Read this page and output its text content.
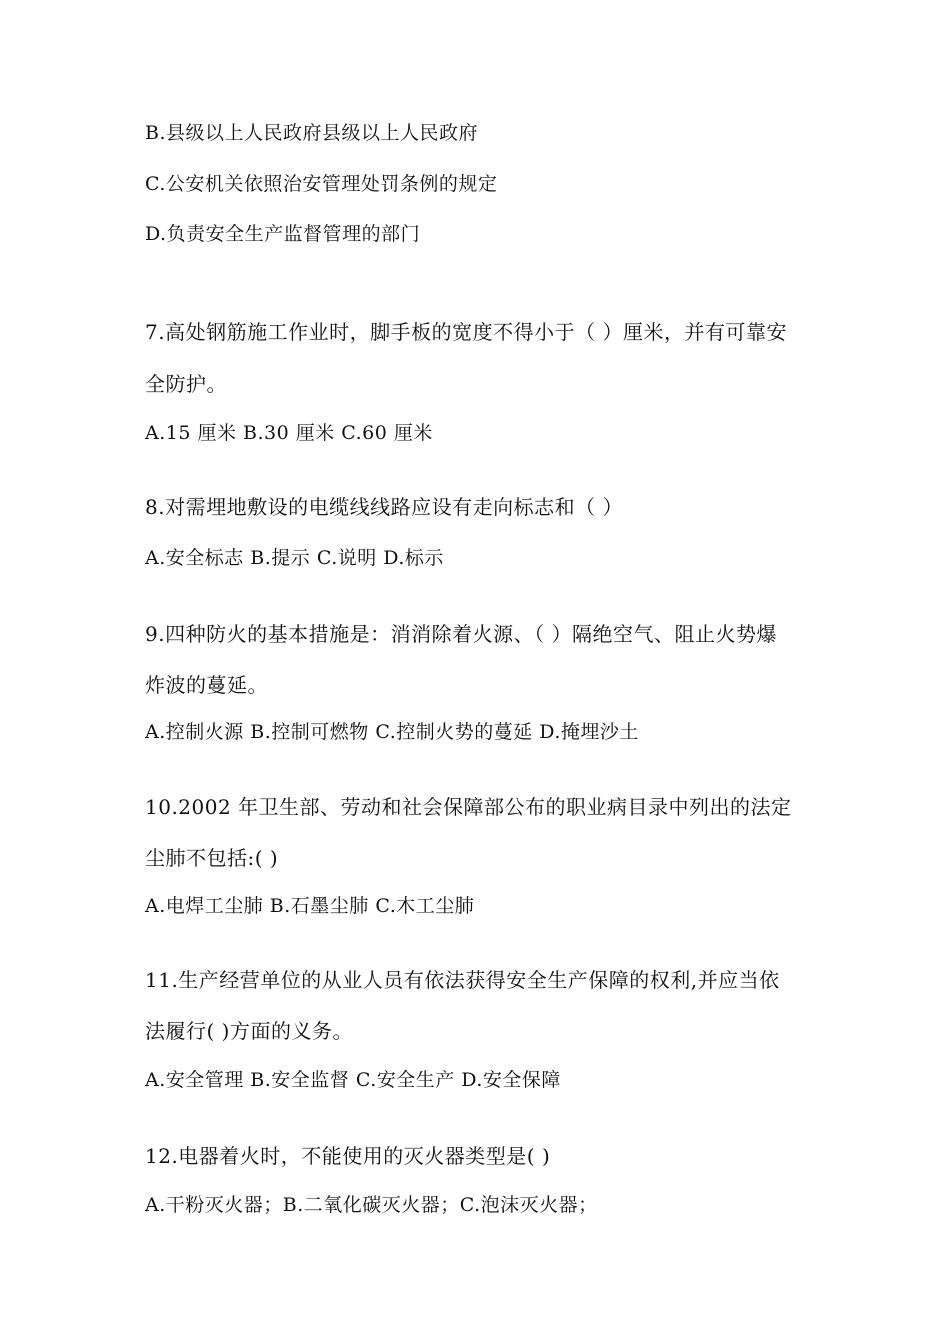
B.县级以上人民政府县级以上人民政府
C.公安机关依照治安管理处罚条例的规定
D.负责安全生产监督管理的部门
7.高处钢筋施工作业时，脚手板的宽度不得小于（ ）厘米，并有可靠安
全防护。
A.15 厘米 B.30 厘米 C.60 厘米
8.对需埋地敷设的电缆线线路应设有走向标志和（ ）
A.安全标志 B.提示 C.说明 D.标示
9.四种防火的基本措施是：消消除着火源、（ ）隔绝空气、阻止火势爆
炸波的蔓延。
A.控制火源 B.控制可燃物 C.控制火势的蔓延 D.掩埋沙土
10.2002 年卫生部、劳动和社会保障部公布的职业病目录中列出的法定
尘肺不包括:( )
A.电焊工尘肺 B.石墨尘肺 C.木工尘肺
11.生产经营单位的从业人员有依法获得安全生产保障的权利,并应当依
法履行( )方面的义务。
A.安全管理 B.安全监督 C.安全生产 D.安全保障
12.电器着火时，不能使用的灭火器类型是( )
A.干粉灭火器；B.二氧化碳灭火器；C.泡沫灭火器；
